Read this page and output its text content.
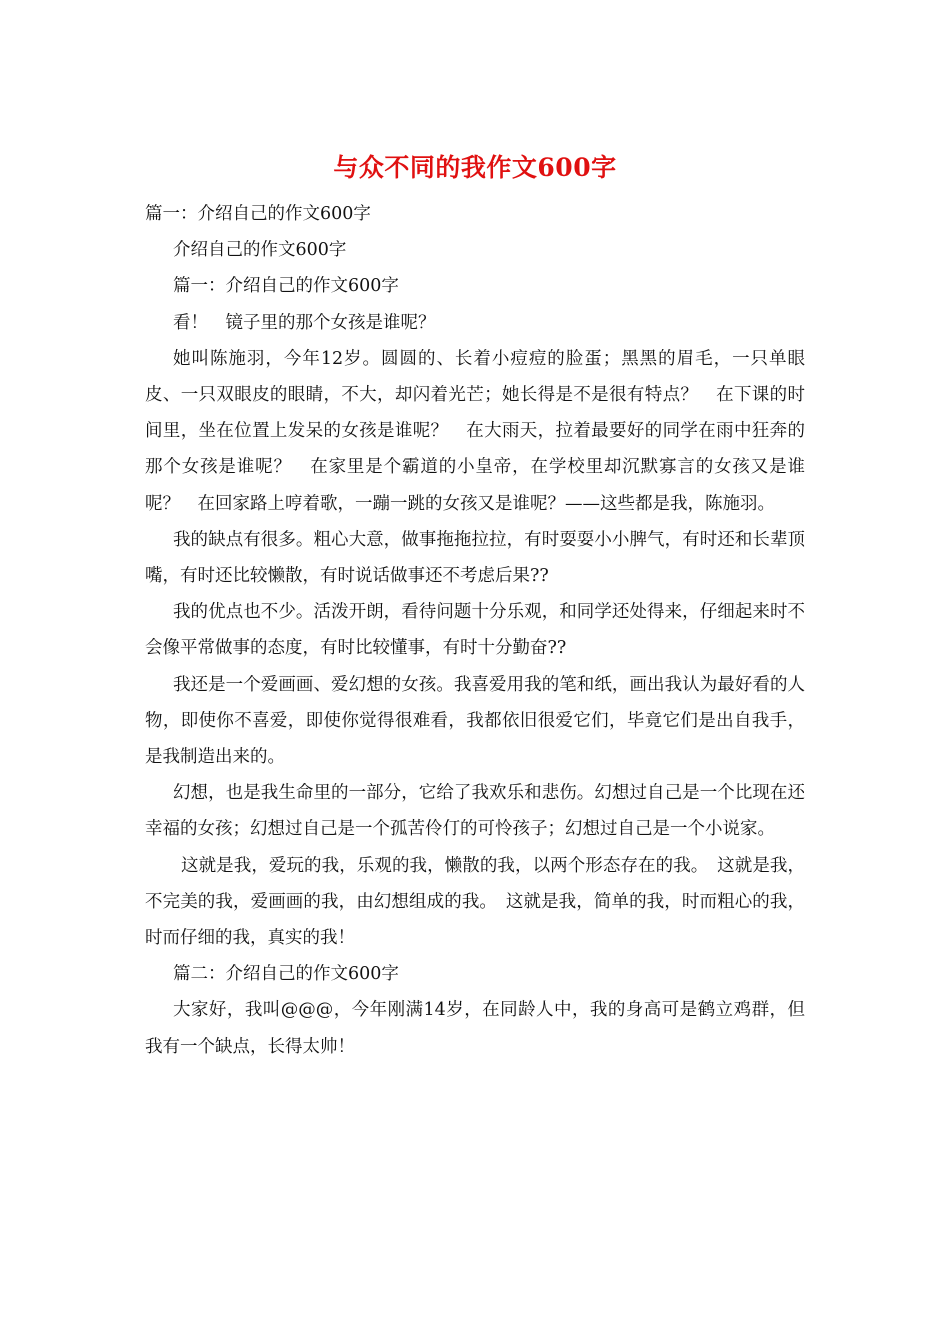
与众不同的我作文600字

篇一：介绍自己的作文600字

介绍自己的作文600字

篇一：介绍自己的作文600字

看！　镜子里的那个女孩是谁呢？

她叫陈施羽，今年12岁。圆圆的、长着小痘痘的脸蛋；黑黑的眉毛，一只单眼皮、一只双眼皮的眼睛，不大，却闪着光芒；她长得是不是很有特点？　在下课的时间里，坐在位置上发呆的女孩是谁呢？　在大雨天，拉着最要好的同学在雨中狂奔的那个女孩是谁呢？　在家里是个霸道的小皇帝，在学校里却沉默寡言的女孩又是谁呢？　在回家路上哼着歌，一蹦一跳的女孩又是谁呢？——这些都是我，陈施羽。

我的缺点有很多。粗心大意，做事拖拖拉拉，有时耍耍小小脾气，有时还和长辈顶嘴，有时还比较懒散，有时说话做事还不考虑后果??

我的优点也不少。活泼开朗，看待问题十分乐观，和同学还处得来，仔细起来时不会像平常做事的态度，有时比较懂事，有时十分勤奋??

我还是一个爱画画、爱幻想的女孩。我喜爱用我的笔和纸，画出我认为最好看的人物，即使你不喜爱，即使你觉得很难看，我都依旧很爱它们，毕竟它们是出自我手，是我制造出来的。

幻想，也是我生命里的一部分，它给了我欢乐和悲伤。幻想过自己是一个比现在还　幸福的女孩；幻想过自己是一个孤苦伶仃的可怜孩子；幻想过自己是一个小说家。

这就是我，爱玩的我，乐观的我，懒散的我，以两个形态存在的我。　这就是我，不完美的我，爱画画的我，由幻想组成的我。　这就是我，简单的我，时而粗心的我，时而仔细的我，真实的我！

篇二：介绍自己的作文600字

大家好，我叫@@@，今年刚满14岁，在同龄人中，我的身高可是鹤立鸡群，但我有一个缺点，长得太帅！
